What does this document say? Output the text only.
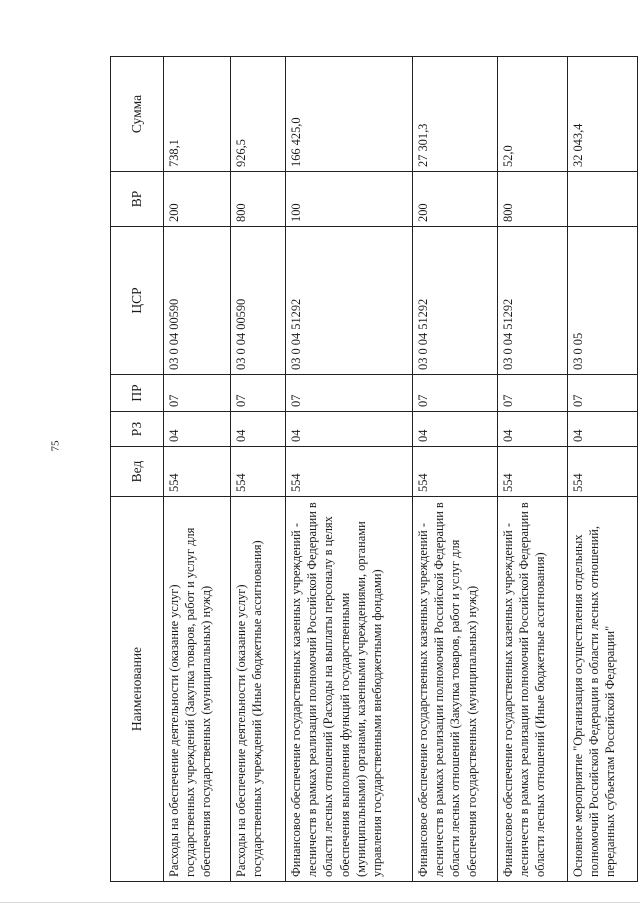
75
Наименование	Вед	РЗ	ПР	ЦСР	ВР	Сумма
Расходы на обеспечение деятельности (оказание услуг) государственных учреждений (Закупка товаров, работ и услуг для обеспечения государственных (муниципальных) нужд)	554	04	07	03 0 04 00590	200	738,1
Расходы на обеспечение деятельности (оказание услуг) государственных учреждений (Иные бюджетные ассигнования)	554	04	07	03 0 04 00590	800	926,5
Финансовое обеспечение государственных казенных учреждений - лесничеств в рамках реализации полномочий Российской Федерации в области лесных отношений (Расходы на выплаты персоналу в целях обеспечения выполнения функций государственными (муниципальными) органами, казенными учреждениями, органами управления государственными внебюджетными фондами)	554	04	07	03 0 04 51292	100	166 425,0
Финансовое обеспечение государственных казенных учреждений - лесничеств в рамках реализации полномочий Российской Федерации в области лесных отношений (Закупка товаров, работ и услуг для обеспечения государственных (муниципальных) нужд)	554	04	07	03 0 04 51292	200	27 301,3
Финансовое обеспечение государственных казенных учреждений - лесничеств в рамках реализации полномочий Российской Федерации в области лесных отношений (Иные бюджетные ассигнования)	554	04	07	03 0 04 51292	800	52,0
Основное мероприятие "Организация осуществления отдельных полномочий Российской Федерации в области лесных отношений, переданных субъектам Российской Федерации"	554	04	07	03 0 05		32 043,4
